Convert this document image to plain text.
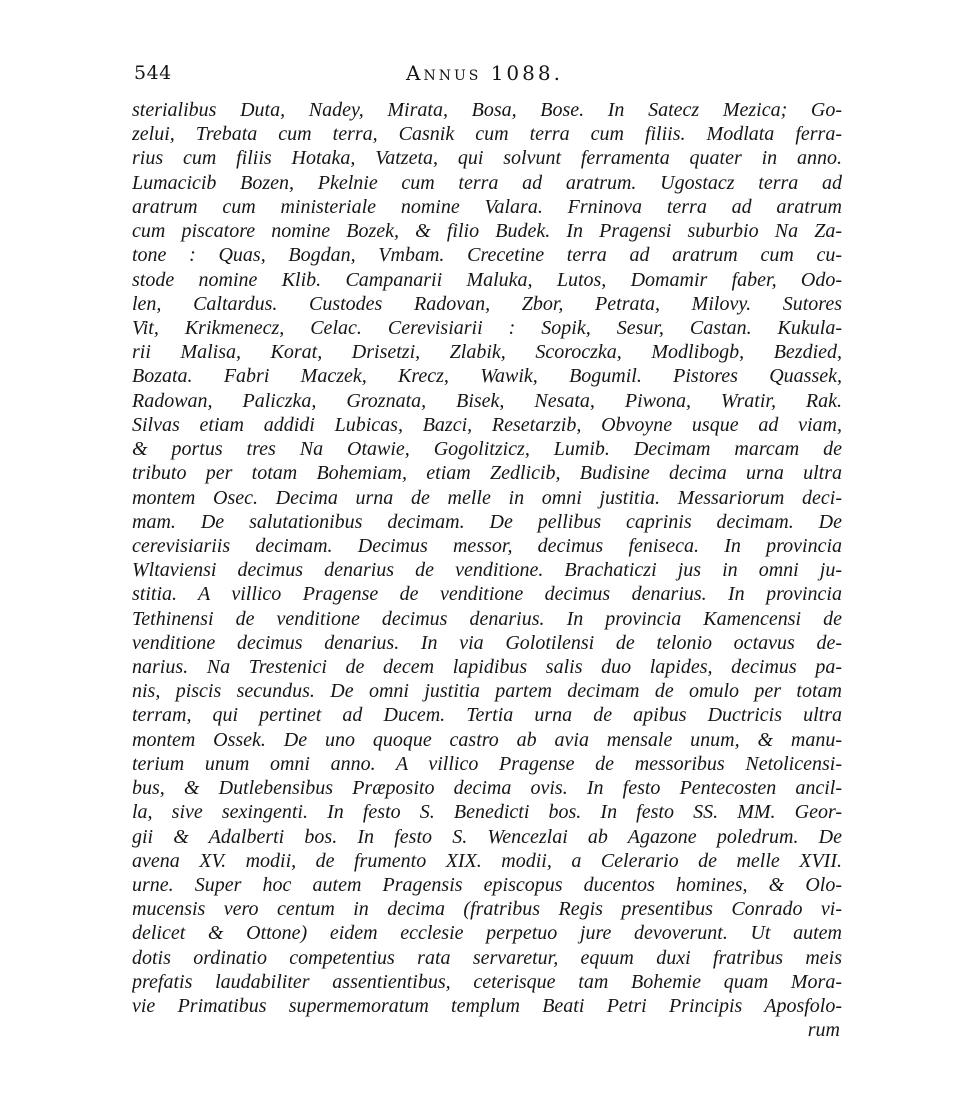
544	Annus 1088.
sterialibus Duta, Nadey, Mirata, Bosa, Bose. In Satecz Mezica; Go-
zelui, Trebata cum terra, Casnik cum terra cum filiis. Modlata ferra-
rius cum filiis Hotaka, Vatzeta, qui solvunt ferramenta quater in anno.
Lumacicib Bozen, Pkelnie cum terra ad aratrum. Ugostacz terra ad
aratrum cum ministeriale nomine Valara. Frninova terra ad aratrum
cum piscatore nomine Bozek, & filio Budek. In Pragensi suburbio Na Za-
tone : Quas, Bogdan, Vmbam. Crecetine terra ad aratrum cum cu-
stode nomine Klib. Campanarii Maluka, Lutos, Domamir faber, Odo-
len, Caltardus. Custodes Radovan, Zbor, Petrata, Milovy. Sutores
Vit, Krikmenecz, Celac. Cerevisiarii : Sopik, Sesur, Castan. Kukula-
rii Malisa, Korat, Drisetzi, Zlabik, Scoroczka, Modlibogb, Bezdied,
Bozata. Fabri Maczek, Krecz, Wawik, Bogumil. Pistores Quassek,
Radowan, Paliczka, Groznata, Bisek, Nesata, Piwona, Wratir, Rak.
Silvas etiam addidi Lubicas, Bazci, Resetarzib, Obvoyne usque ad viam,
& portus tres Na Otawie, Gogolitzicz, Lumib. Decimam marcam de
tributo per totam Bohemiam, etiam Zedlicib, Budisine decima urna ultra
montem Osec. Decima urna de melle in omni justitia. Messariorum deci-
mam. De salutationibus decimam. De pellibus caprinis decimam. De
cerevisiariis decimam. Decimus messor, decimus feniseca. In provincia
Wltaviensi decimus denarius de venditione. Brachaticzi jus in omni ju-
stitia. A villico Pragense de venditione decimus denarius. In provincia
Tethinensi de venditione decimus denarius. In provincia Kamencensi de
venditione decimus denarius. In via Golotilensi de telonio octavus de-
narius. Na Trestenici de decem lapidibus salis duo lapides, decimus pa-
nis, piscis secundus. De omni justitia partem decimam de omulo per totam
terram, qui pertinet ad Ducem. Tertia urna de apibus Ductricis ultra
montem Ossek. De uno quoque castro ab avia mensale unum, & manu-
terium unum omni anno. A villico Pragense de messoribus Netolicensi-
bus, & Dutlebensibus Præposito decima ovis. In festo Pentecosten ancil-
la, sive sexingenti. In festo S. Benedicti bos. In festo SS. MM. Geor-
gii & Adalberti bos. In festo S. Wencezlai ab Agazone poledrum. De
avena XV. modii, de frumento XIX. modii, a Celerario de melle XVII.
urne. Super hoc autem Pragensis episcopus ducentos homines, & Olo-
mucensis vero centum in decima (fratribus Regis presentibus Conrado vi-
delicet & Ottone) eidem ecclesie perpetuo jure devoverunt. Ut autem
dotis ordinatio competentius rata servaretur, equum duxi fratribus meis
prefatis laudabiliter assentientibus, ceterisque tam Bohemie quam Mora-
vie Primatibus supermemoratum templum Beati Petri Principis Aposfolo-
rum
